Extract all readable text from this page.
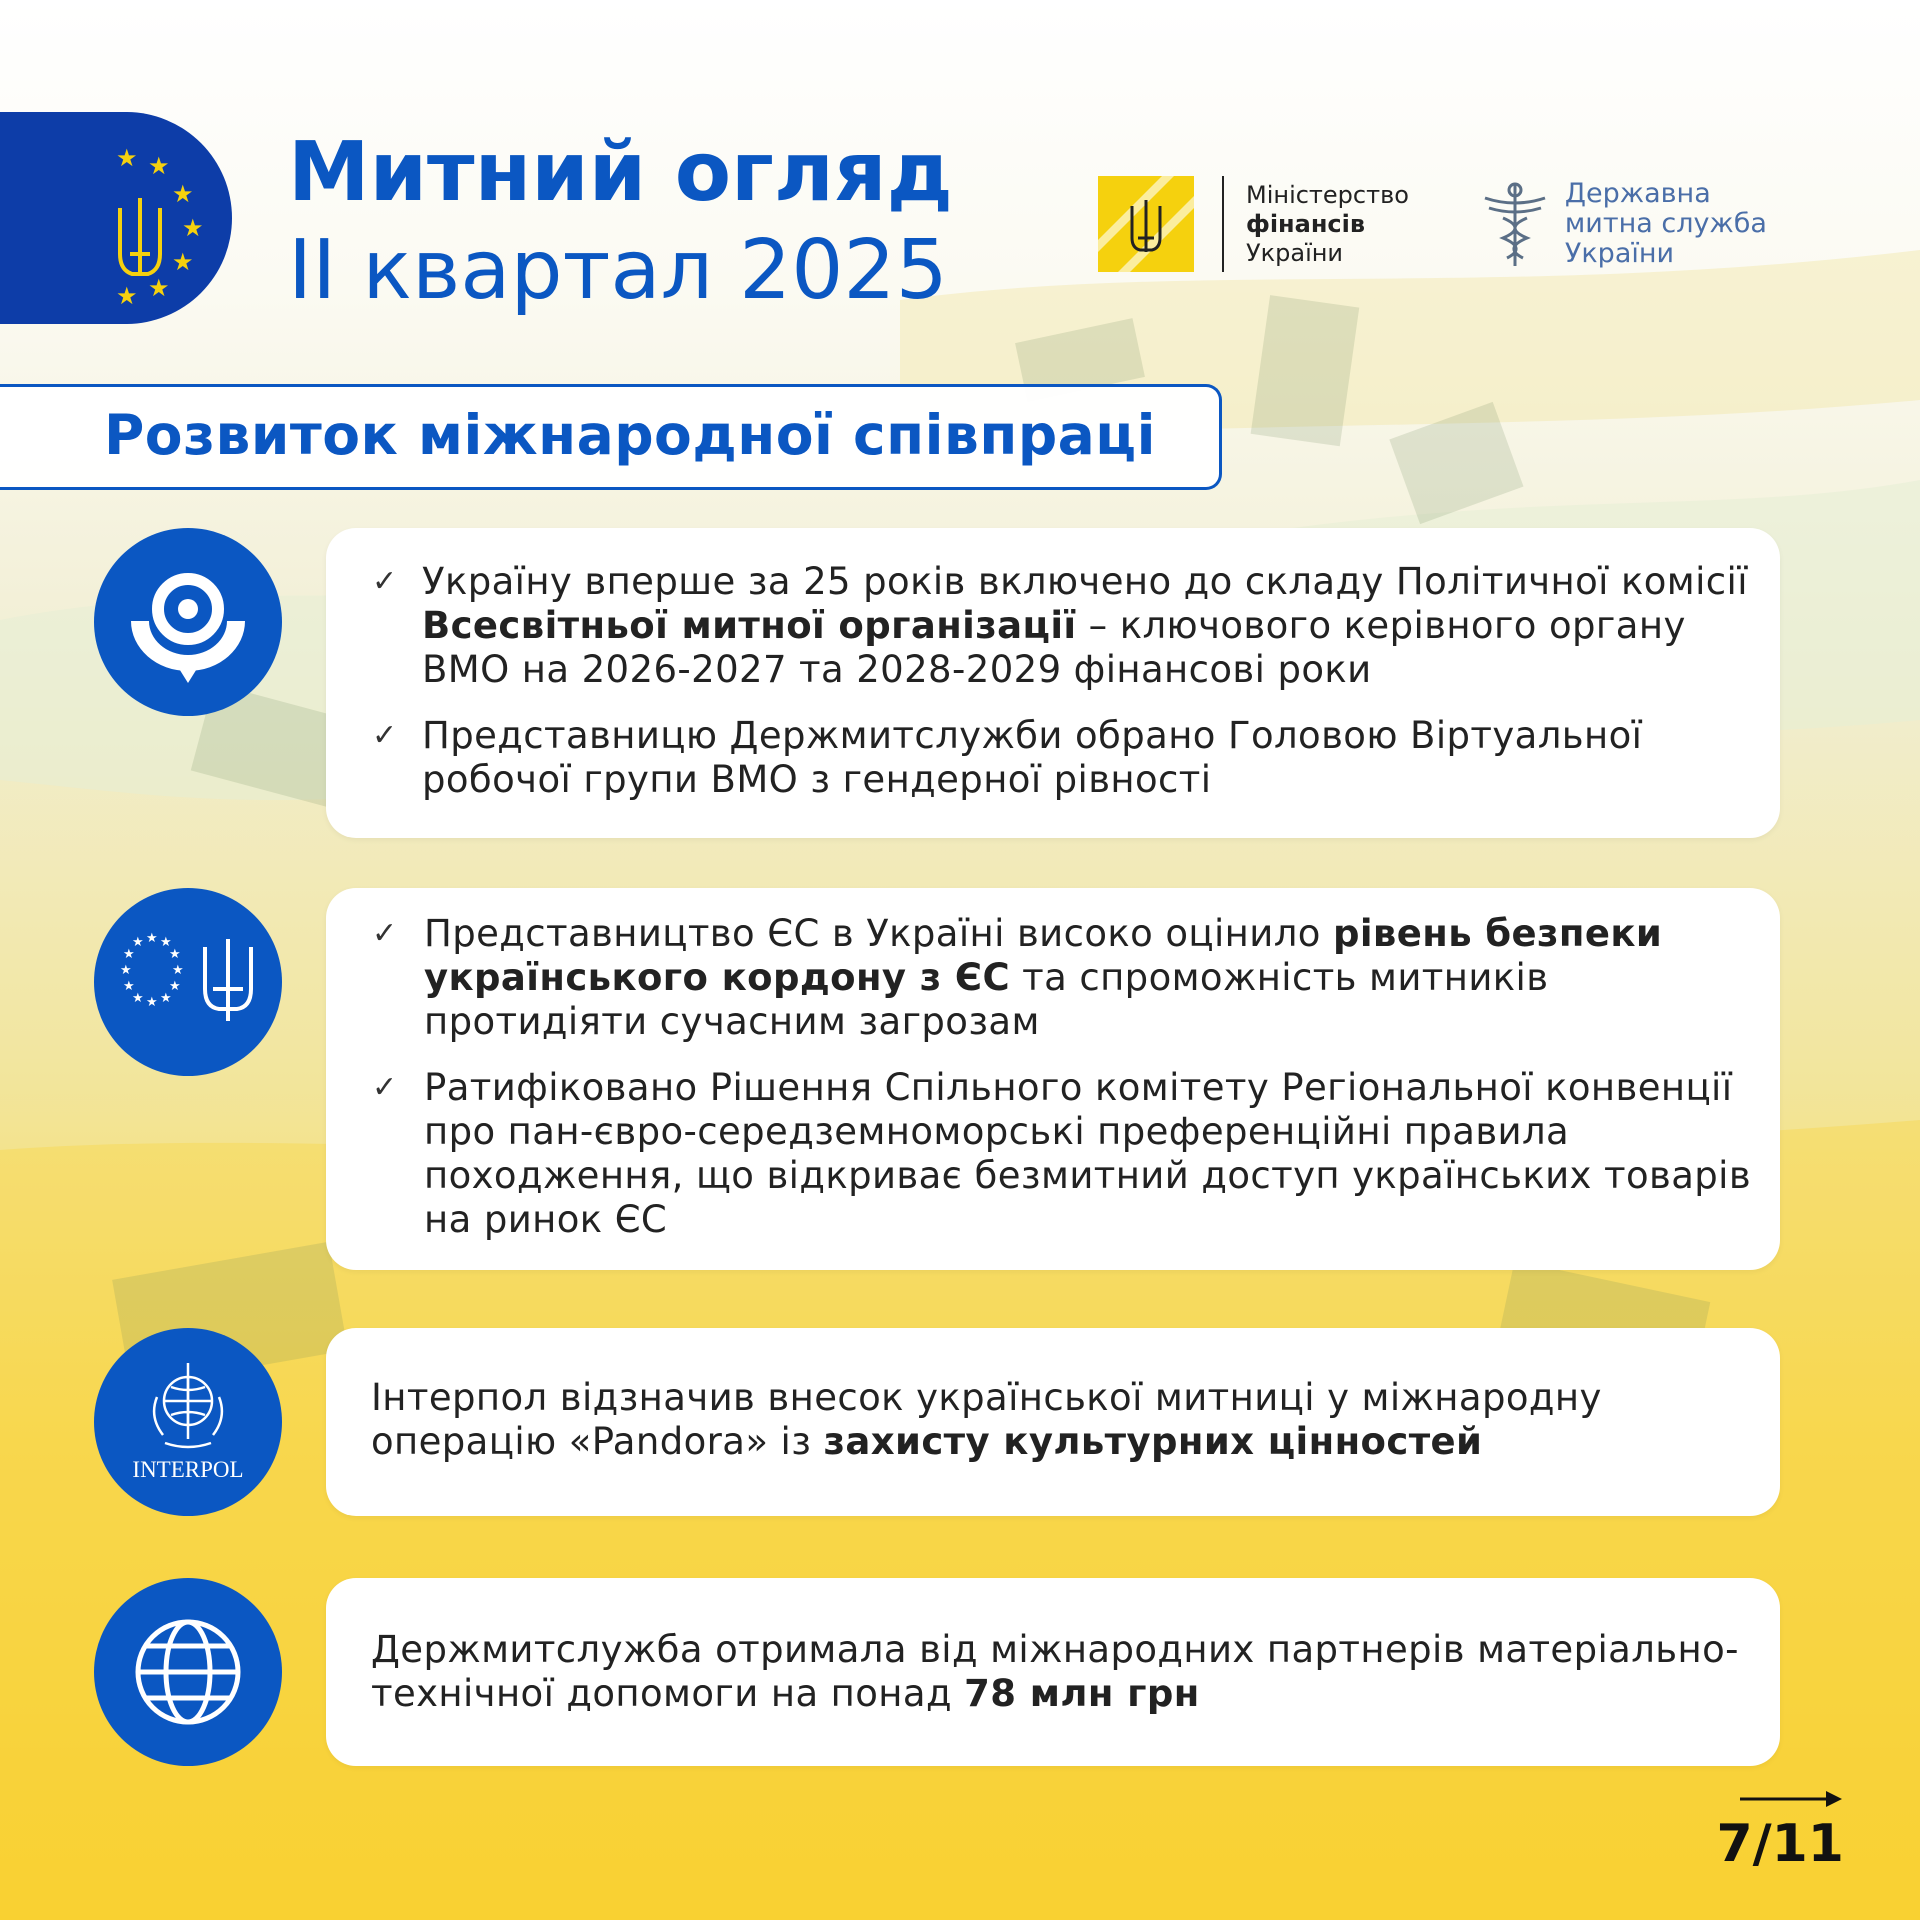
★ ★
★
★
★
★
★
Митний огляд
II квартал 2025
Міністерство
фінансів
України
Державна
митна служба
України
Розвиток міжнародної співпраці
✓ Україну вперше за 25 років включено до складу Політичної комісії Всесвітньої митної організації – ключового керівного органу ВМО на 2026-2027 та 2028-2029 фінансові роки
✓ Представницю Держмитслужби обрано Головою Віртуальної робочої групи ВМО з гендерної рівності
★ ★
★
★
★
★
★
★
★
★
★
★	✓ Представництво ЄС в Україні високо оцінило рівень безпеки українського кордону з ЄС та спроможність митників протидіяти сучасним загрозам
✓ Ратифіковано Рішення Спільного комітету Регіональної конвенції про пан-євро-середземноморські преференційні правила походження, що відкриває безмитний доступ українських товарів на ринок ЄС
INTERPOL

Інтерпол відзначив внесок української митниці у міжнародну операцію «Pandora» із захисту культурних цінностей

Держмитслужба отримала від міжнародних партнерів матеріально-технічної допомоги на понад 78 млн грн

7/11
